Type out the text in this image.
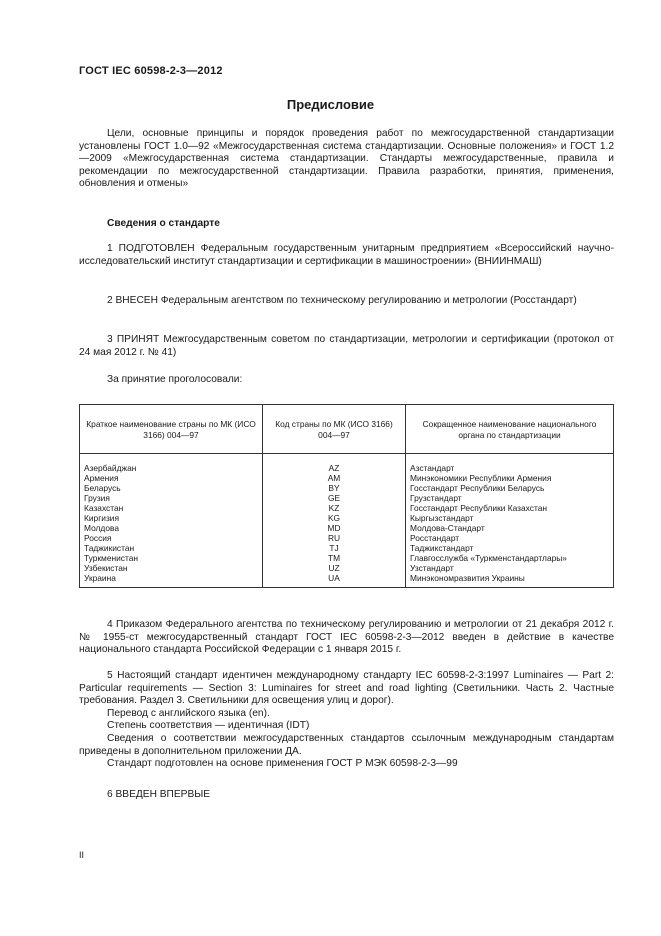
ГОСТ IEC 60598-2-3—2012
Предисловие

Цели, основные принципы и порядок проведения работ по межгосударственной стандартизации установлены ГОСТ 1.0—92 «Межгосударственная система стандартизации. Основные положения» и ГОСТ 1.2—2009 «Межгосударственная система стандартизации. Стандарты межгосударственные, правила и рекомендации по межгосударственной стандартизации. Правила разработки, принятия, применения, обновления и отмены»

Сведения о стандарте

1 ПОДГОТОВЛЕН Федеральным государственным унитарным предприятием «Всероссийский научно-исследовательский институт стандартизации и сертификации в машиностроении» (ВНИИНМАШ)

2 ВНЕСЕН Федеральным агентством по техническому регулированию и метрологии (Росстандарт)

3 ПРИНЯТ Межгосударственным советом по стандартизации, метрологии и сертификации (протокол от 24 мая 2012 г. № 41)

За принятие проголосовали:
Краткое наименование страны по МК (ИСО 3166) 004—97	Код страны по МК (ИСО 3166) 004—97	Сокращенное наименование национального органа по стандартизации
Азербайджан	AZ	Азстандарт
Армения	AM	Минэкономики Республики Армения
Беларусь	BY	Госстандарт Республики Беларусь
Грузия	GE	Грузстандарт
Казахстан	KZ	Госстандарт Республики Казахстан
Киргизия	KG	Кыргызстандарт
Молдова	MD	Молдова-Стандарт
Россия	RU	Росстандарт
Таджикистан	TJ	Таджикстандарт
Туркменистан	TM	Главгосслужба «Туркменстандартлары»
Узбекистан	UZ	Узстандарт
Украина	UA	Минэкономразвития Украины

4 Приказом Федерального агентства по техническому регулированию и метрологии от 21 декабря 2012 г. № 1955-ст межгосударственный стандарт ГОСТ IEC 60598-2-3—2012 введен в действие в качестве национального стандарта Российской Федерации с 1 января 2015 г.

5 Настоящий стандарт идентичен международному стандарту IEC 60598-2-3:1997 Luminaires — Part 2: Particular requirements — Section 3: Luminaires for street and road lighting (Светильники. Часть 2. Частные требования. Раздел 3. Светильники для освещения улиц и дорог).

Перевод с английского языка (en).

Степень соответствия — идентичная (IDT)

Сведения о соответствии межгосударственных стандартов ссылочным международным стандартам приведены в дополнительном приложении ДА.

Стандарт подготовлен на основе применения ГОСТ Р МЭК 60598-2-3—99

6 ВВЕДЕН ВПЕРВЫЕ
II
